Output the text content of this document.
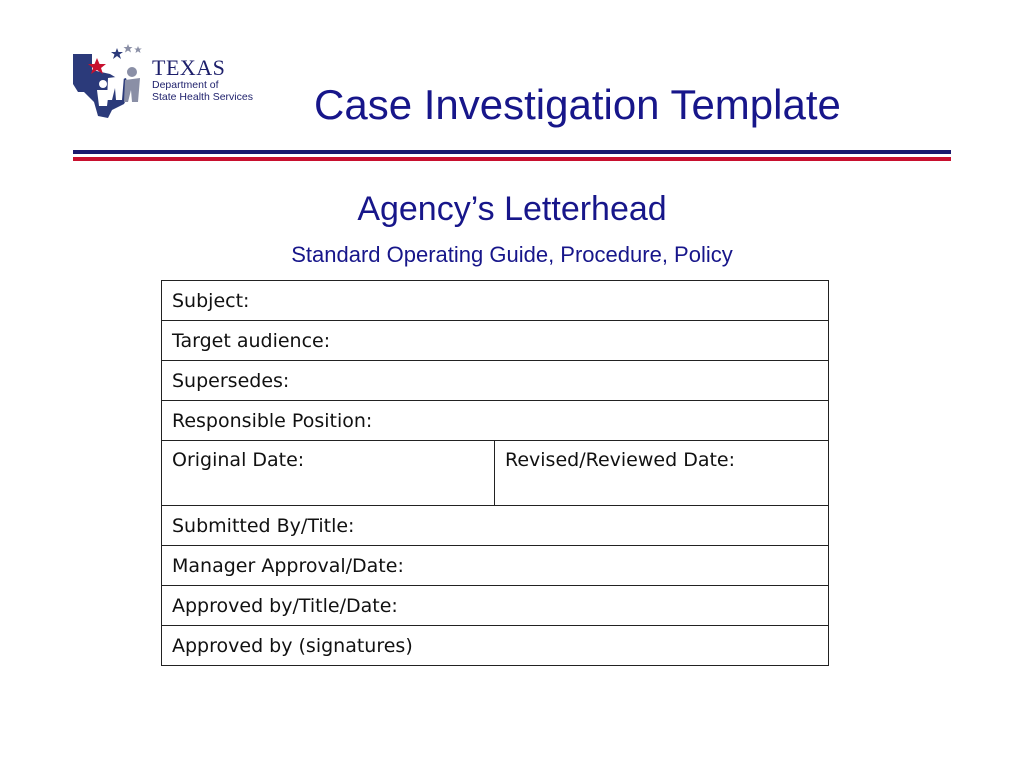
TEXAS
Department of
State Health Services	Case Investigation Template
Agency’s Letterhead
Standard Operating Guide, Procedure, Policy
Subject:
Target audience:
Supersedes:
Responsible Position:
Original Date:	Revised/Reviewed Date:
Submitted By/Title:
Manager Approval/Date:
Approved by/Title/Date:
Approved by (signatures)
